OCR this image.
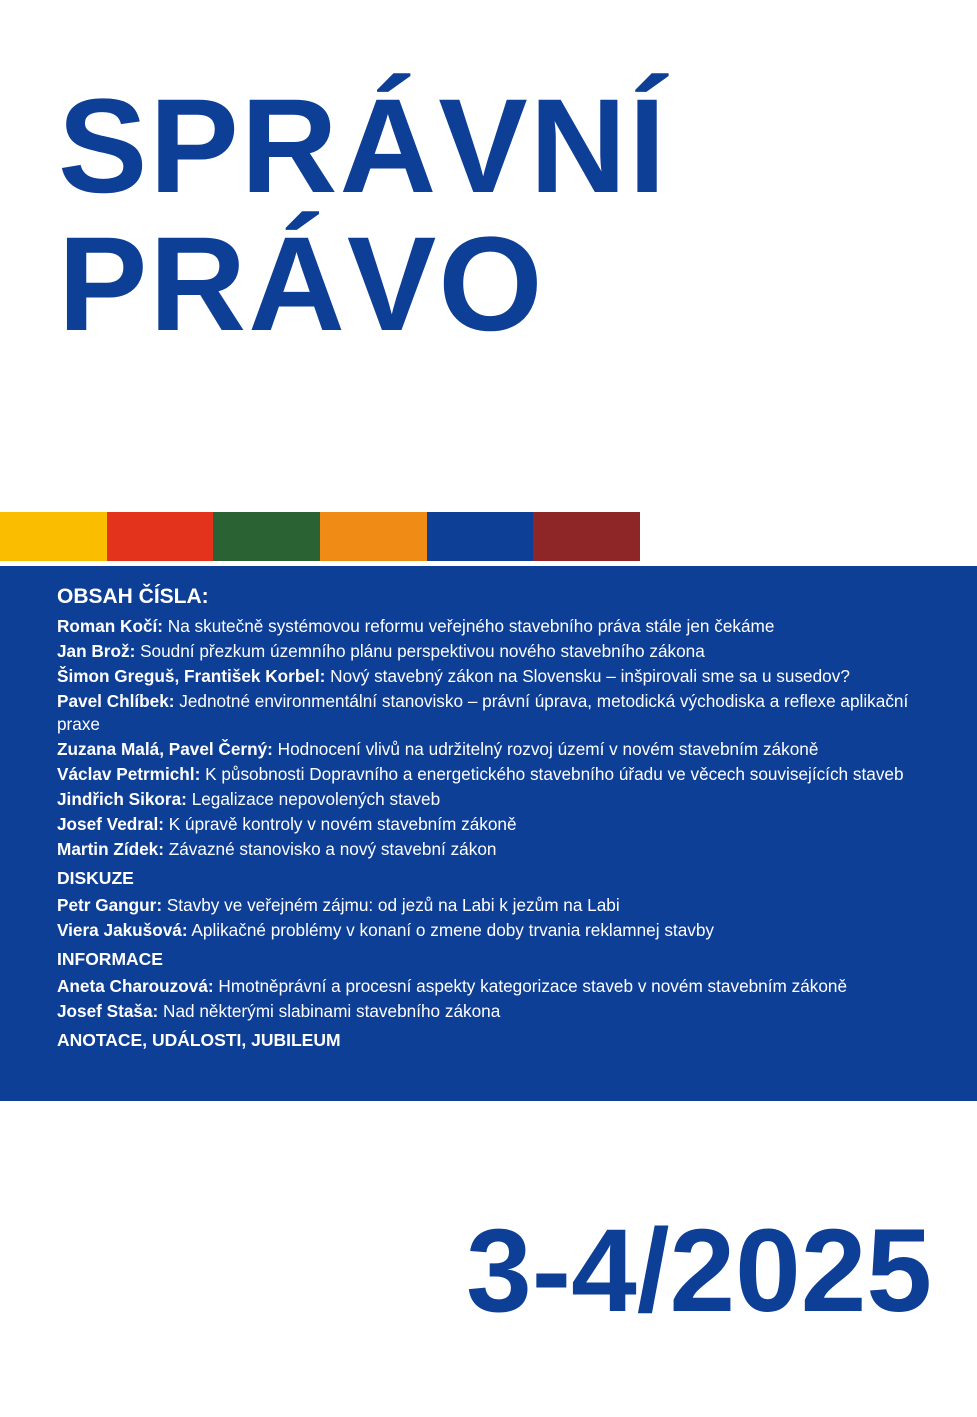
SPRÁVNÍ
PRÁVO
OBSAH ČÍSLA:
Roman Kočí: Na skutečně systémovou reformu veřejného stavebního práva stále jen čekáme
Jan Brož: Soudní přezkum územního plánu perspektivou nového stavebního zákona
Šimon Greguš, František Korbel: Nový stavebný zákon na Slovensku – inšpirovali sme sa u susedov?
Pavel Chlíbek: Jednotné environmentální stanovisko – právní úprava, metodická východiska a reflexe aplikační praxe
Zuzana Malá, Pavel Černý: Hodnocení vlivů na udržitelný rozvoj území v novém stavebním zákoně
Václav Petrmichl: K působnosti Dopravního a energetického stavebního úřadu ve věcech souvisejících staveb
Jindřich Sikora: Legalizace nepovolených staveb
Josef Vedral: K úpravě kontroly v novém stavebním zákoně
Martin Zídek: Závazné stanovisko a nový stavební zákon
DISKUZE
Petr Gangur: Stavby ve veřejném zájmu: od jezů na Labi k jezům na Labi
Viera Jakušová: Aplikačné problémy v konaní o zmene doby trvania reklamnej stavby
INFORMACE
Aneta Charouzová: Hmotněprávní a procesní aspekty kategorizace staveb v novém stavebním zákoně
Josef Staša: Nad některými slabinami stavebního zákona
ANOTACE, UDÁLOSTI, JUBILEUM
3-4/2025
